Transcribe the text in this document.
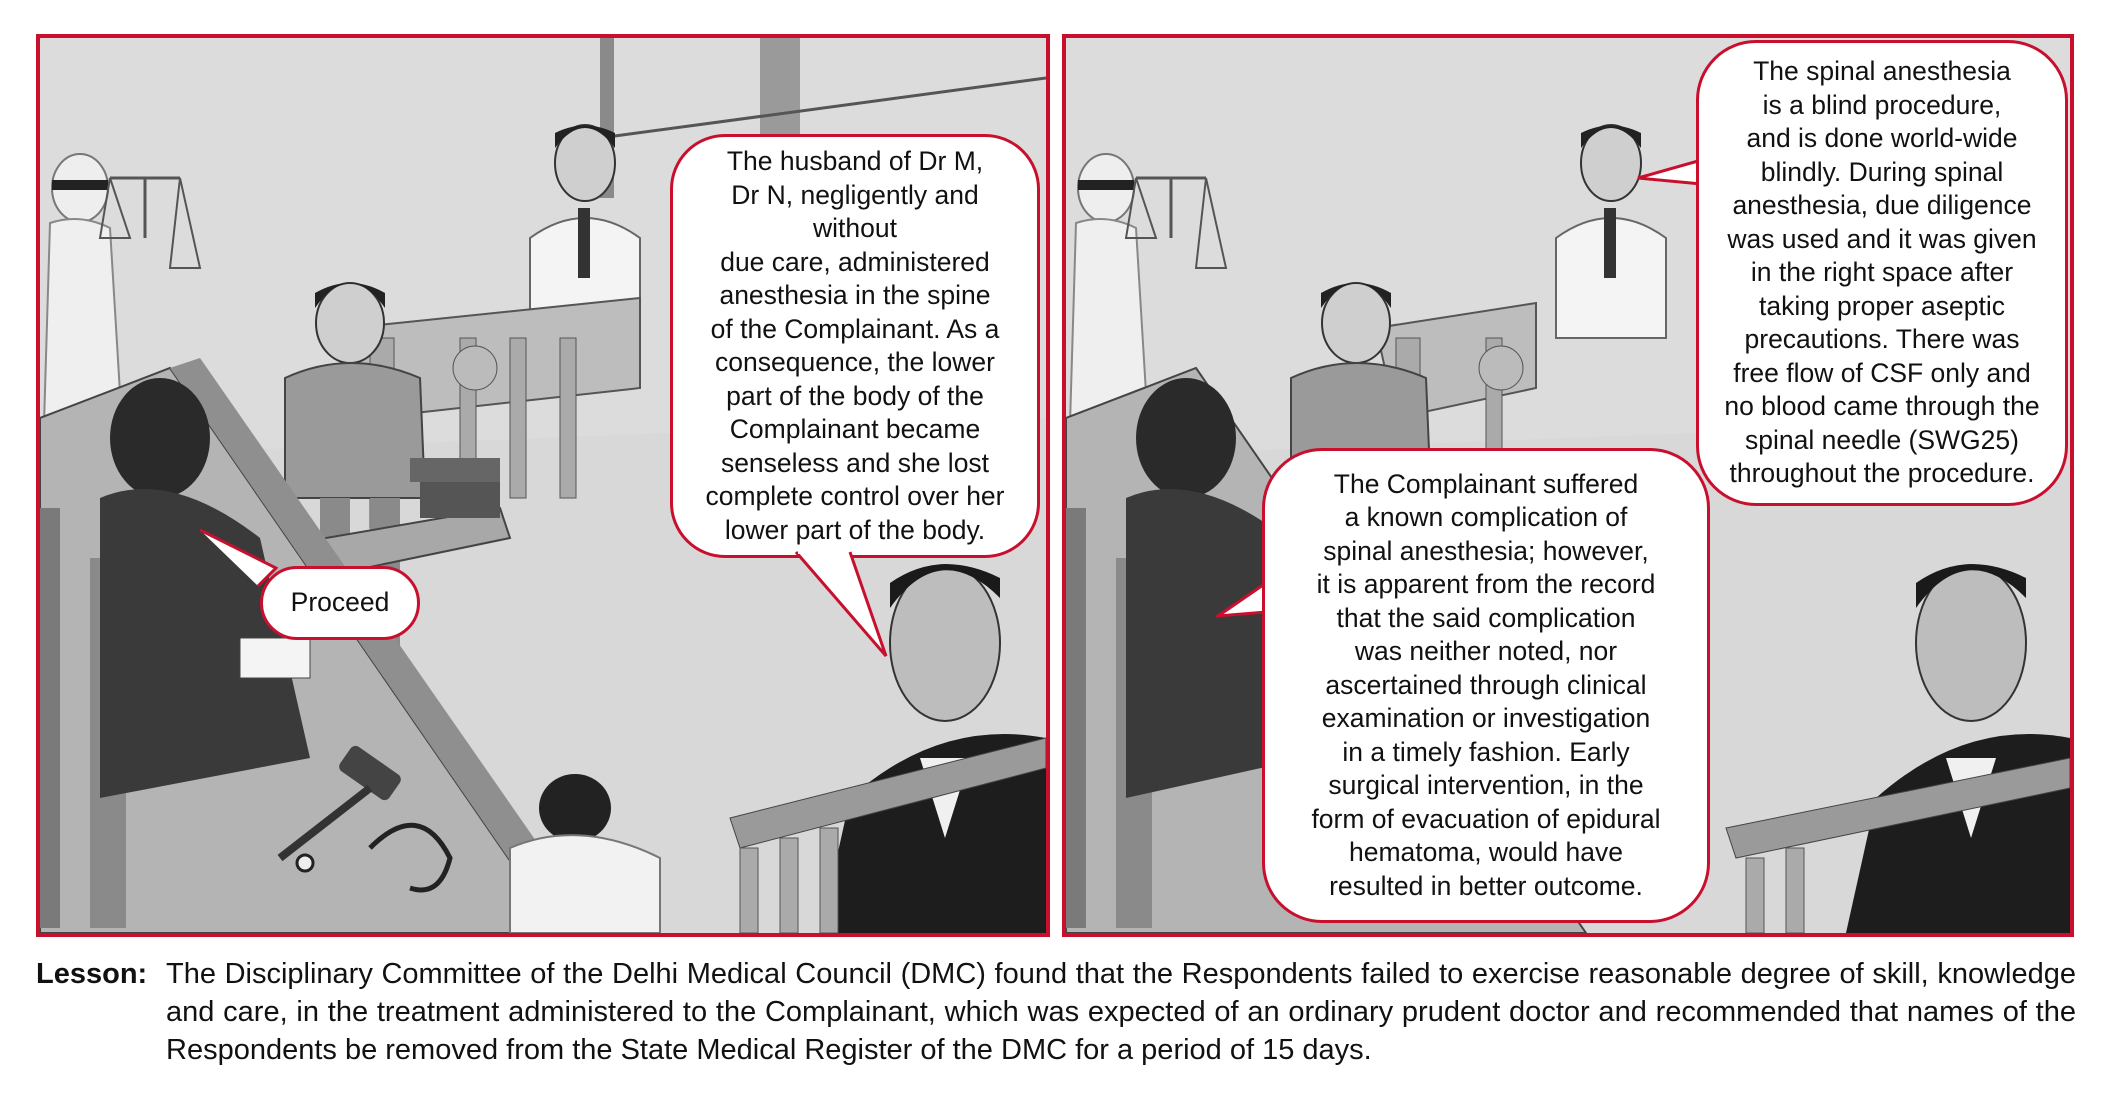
The husband of Dr M,
Dr N, negligently and without
due care, administered
anesthesia in the spine
of the Complainant. As a
consequence, the lower
part of the body of the
Complainant became
senseless and she lost
complete control over her
lower part of the body.
Proceed
The spinal anesthesia
is a blind procedure,
and is done world-wide
blindly. During spinal
anesthesia, due diligence
was used and it was given
in the right space after
taking proper aseptic
precautions. There was
free flow of CSF only and
no blood came through the
spinal needle (SWG25)
throughout the procedure.
The Complainant suffered
a known complication of
spinal anesthesia; however,
it is apparent from the record
that the said complication
was neither noted, nor
ascertained through clinical
examination or investigation
in a timely fashion. Early
surgical intervention, in the
form of evacuation of epidural
hematoma, would have
resulted in better outcome.
Lesson: The Disciplinary Committee of the Delhi Medical Council (DMC) found that the Respondents failed to exercise reasonable degree of skill, knowledge and care, in the treatment administered to the Complainant, which was expected of an ordinary prudent doctor and recommended that names of the Respondents be removed from the State Medical Register of the DMC for a period of 15 days.
